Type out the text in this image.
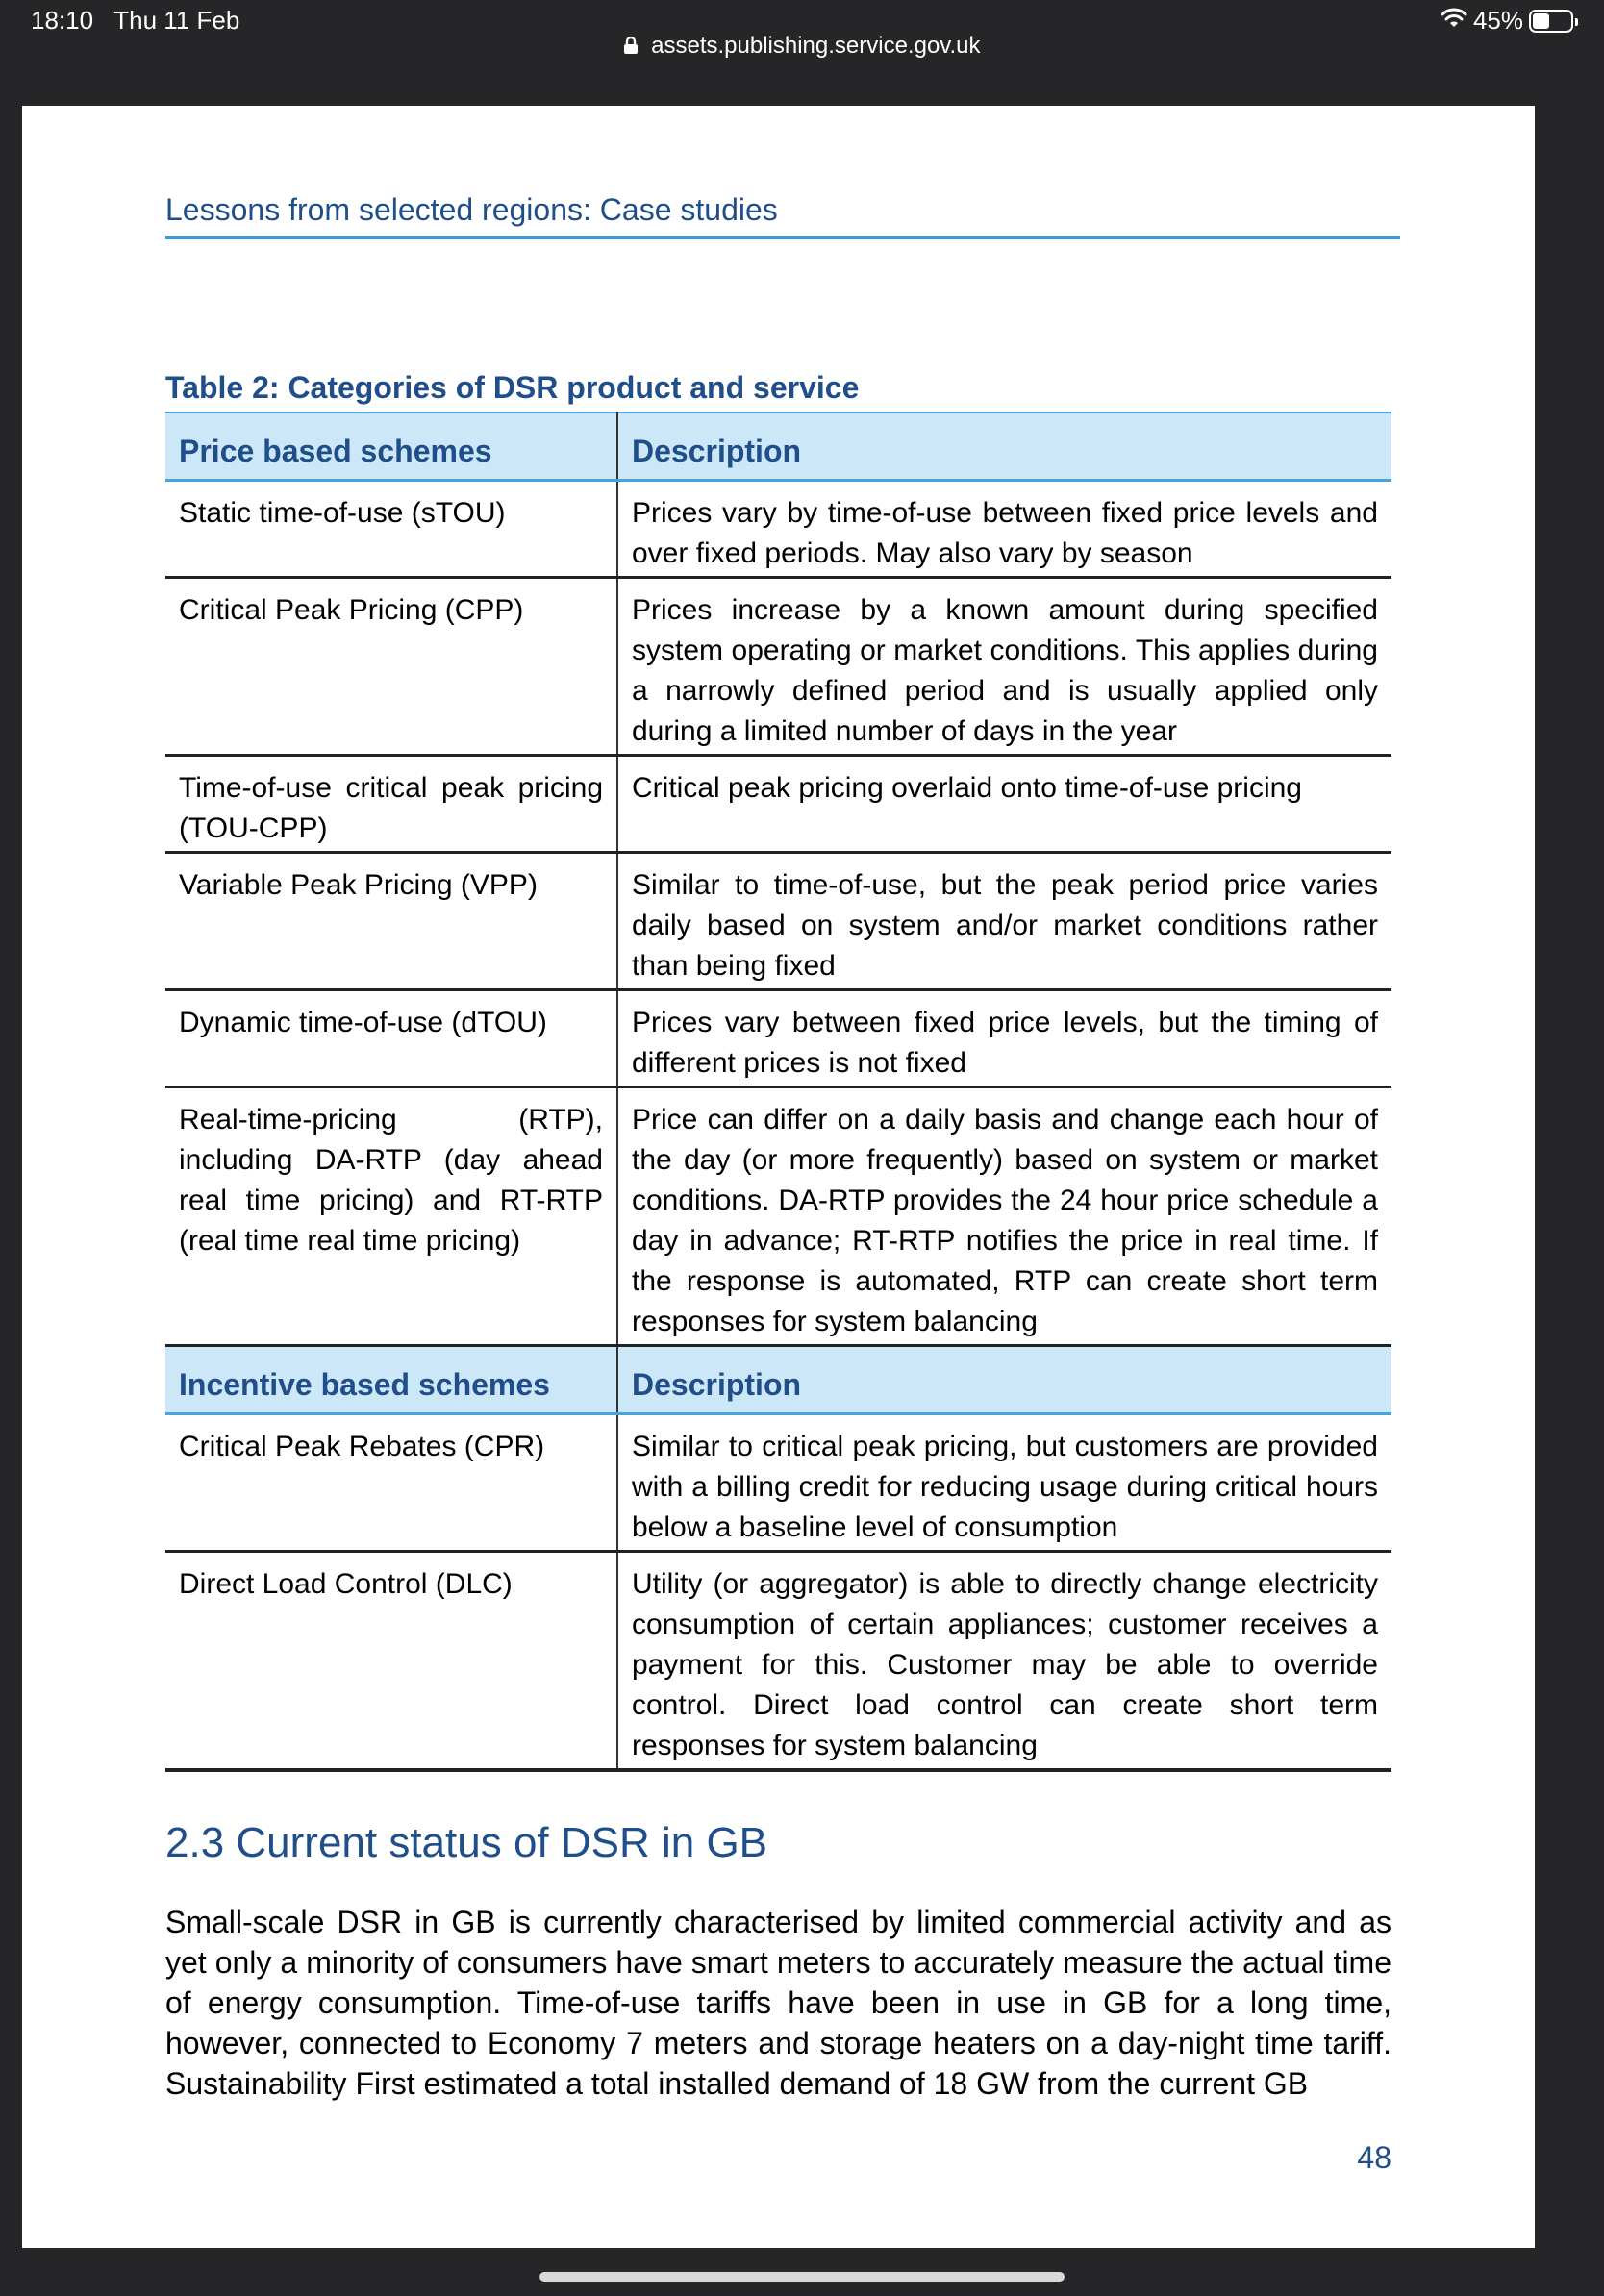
18:10 Thu 11 Feb	45%
assets.publishing.service.gov.uk
Lessons from selected regions: Case studies
Table 2: Categories of DSR product and service
Price based schemes	Description
Static time-of-use (sTOU)	Prices vary by time-of-use between fixed price levels and over fixed periods. May also vary by season
Critical Peak Pricing (CPP)	Prices increase by a known amount during specified system operating or market conditions. This applies during a narrowly defined period and is usually applied only during a limited number of days in the year
Time-of-use critical peak pricing (TOU-CPP)	Critical peak pricing overlaid onto time-of-use pricing
Variable Peak Pricing (VPP)	Similar to time-of-use, but the peak period price varies daily based on system and/or market conditions rather than being fixed
Dynamic time-of-use (dTOU)	Prices vary between fixed price levels, but the timing of different prices is not fixed
Real-time-pricing (RTP), including DA-RTP (day ahead real time pricing) and RT-RTP (real time real time pricing)	Price can differ on a daily basis and change each hour of the day (or more frequently) based on system or market conditions. DA-RTP provides the 24 hour price schedule a day in advance; RT-RTP notifies the price in real time. If the response is automated, RTP can create short term responses for system balancing
Incentive based schemes	Description
Critical Peak Rebates (CPR)	Similar to critical peak pricing, but customers are provided with a billing credit for reducing usage during critical hours below a baseline level of consumption
Direct Load Control (DLC)	Utility (or aggregator) is able to directly change electricity consumption of certain appliances; customer receives a payment for this. Customer may be able to override control. Direct load control can create short term responses for system balancing
2.3 Current status of DSR in GB
Small-scale DSR in GB is currently characterised by limited commercial activity and as yet only a minority of consumers have smart meters to accurately measure the actual time of energy consumption. Time-of-use tariffs have been in use in GB for a long time, however, connected to Economy 7 meters and storage heaters on a day-night time tariff. Sustainability First estimated a total installed demand of 18 GW from the current GB
48
